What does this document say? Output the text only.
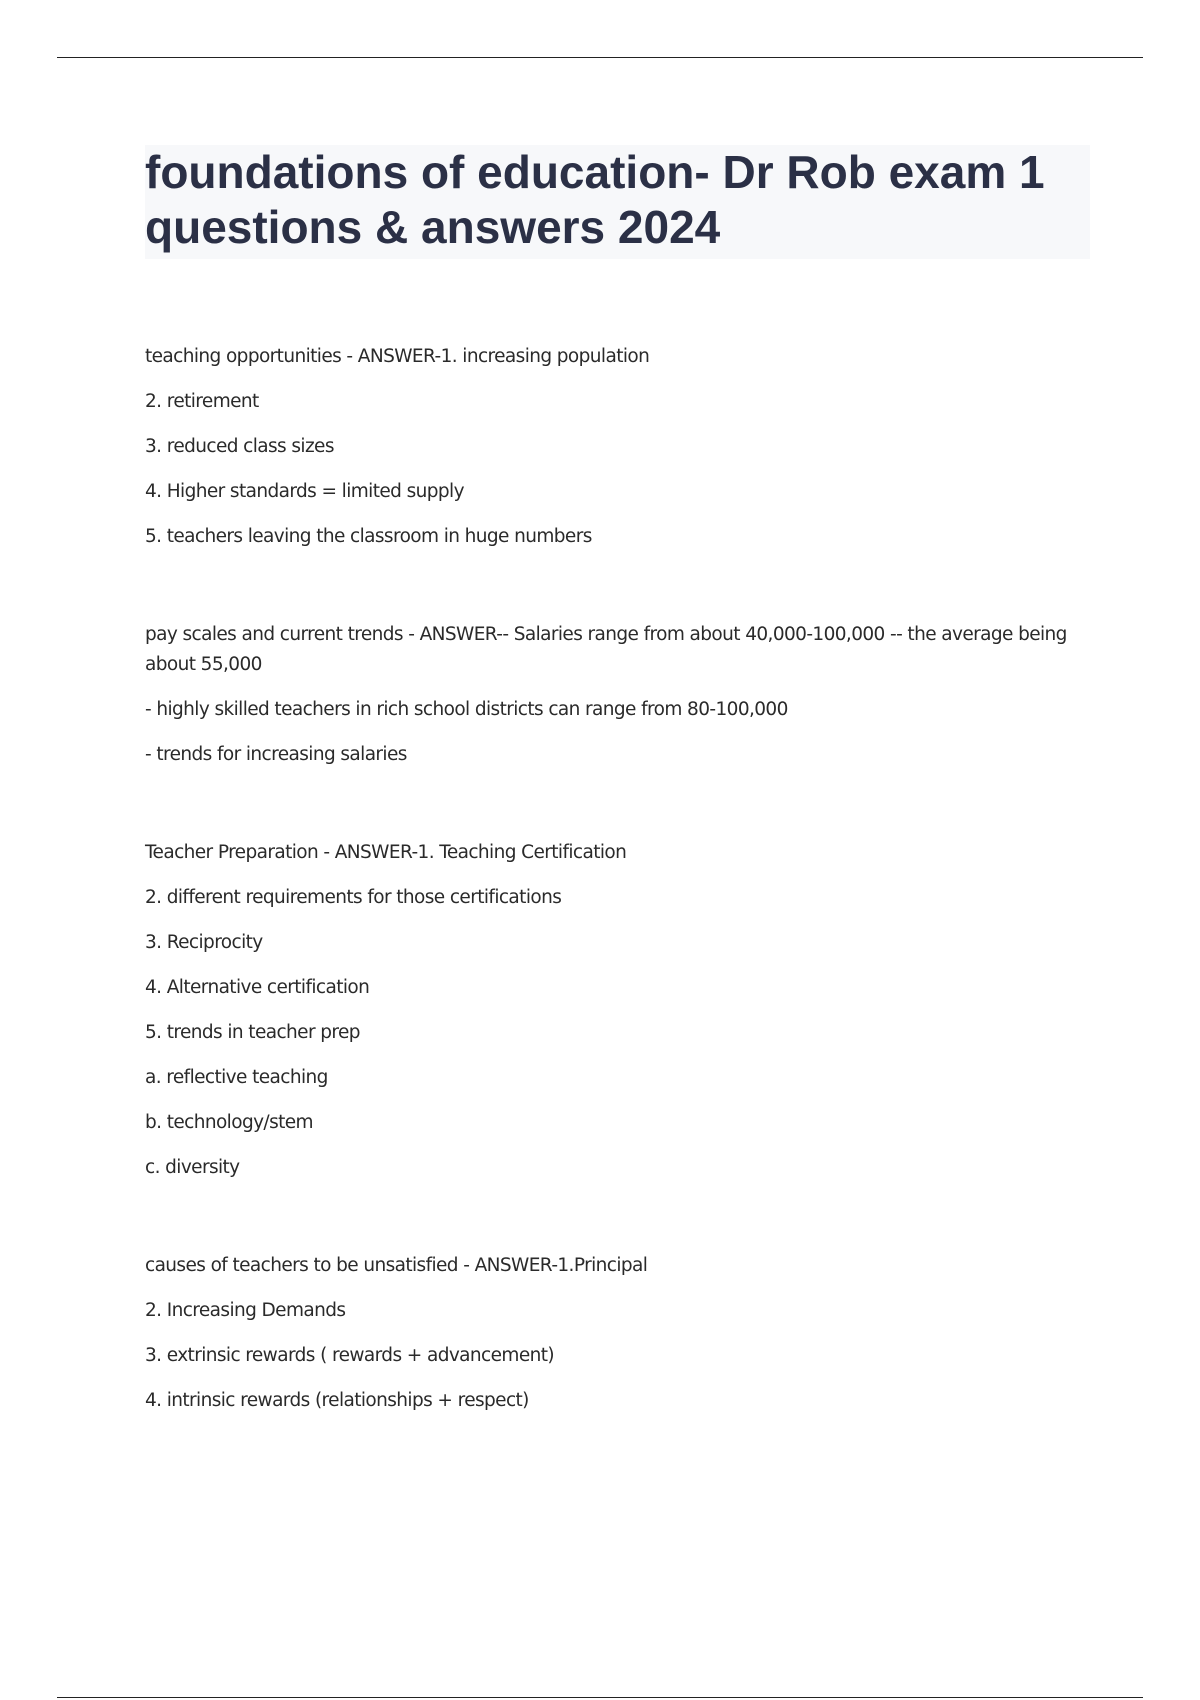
foundations of education- Dr Rob exam 1 questions & answers 2024
teaching opportunities - ANSWER-1. increasing population
2. retirement
3. reduced class sizes
4. Higher standards = limited supply
5. teachers leaving the classroom in huge numbers
pay scales and current trends - ANSWER-- Salaries range from about 40,000-100,000 -- the average being about 55,000
- highly skilled teachers in rich school districts can range from 80-100,000
- trends for increasing salaries
Teacher Preparation - ANSWER-1. Teaching Certification
2. different requirements for those certifications
3. Reciprocity
4. Alternative certification
5. trends in teacher prep
a. reflective teaching
b. technology/stem
c. diversity
causes of teachers to be unsatisfied - ANSWER-1.Principal
2. Increasing Demands
3. extrinsic rewards ( rewards + advancement)
4. intrinsic rewards (relationships + respect)
